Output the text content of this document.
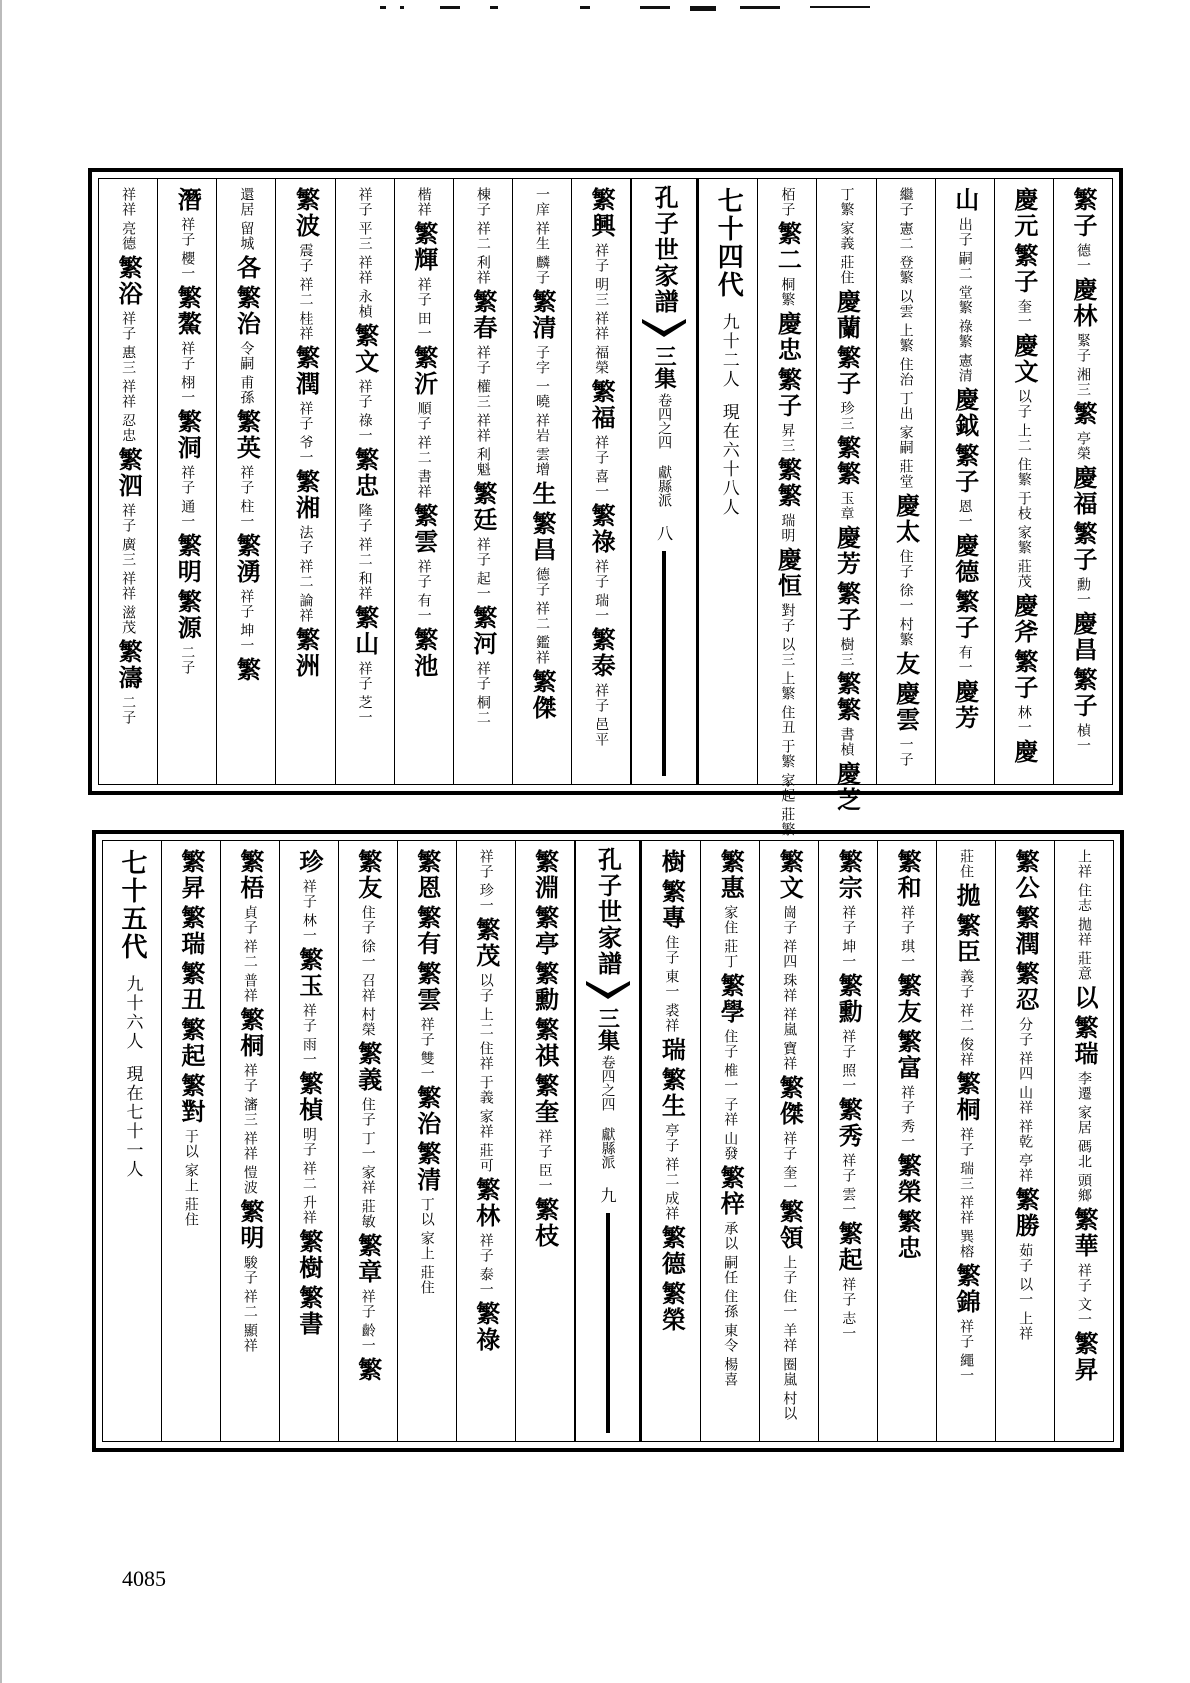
繁子
德一
慶林
緊子
湘三
繁
亭榮
慶福
繁子
勳一
慶昌
繁子
楨一
慶元
繁子
奎一
慶文
以子
上二
住繁
于枝
家繁
莊茂
慶斧
繁子
林一
慶
山
出子
嗣二
堂繁
祿繁
憲清
慶鉞
繁子
恩一
慶德
繁子
有一
慶芳
繼子
憲二
登繁
以雲
上繁
住治
丁出
家嗣
莊堂
慶太
住子
徐一
村繁
友
慶雲
一子
丁繁
家義
莊住
慶蘭
繁子
珍三
繁繁
玉章
慶芳
繁子
樹三
繁繁
書楨
慶芝
栢子
繁二
桐繁
慶忠
繁子
昇三
繁繁
瑞明
慶恒
對子
以三
上繁
住丑
于繁
家起
莊繁
七十四代
九十二人
現在六十八人
孔子世家譜
三集
卷四之四 獻縣派
八
繁興
祥子
明三
祥祥
福榮
繁福
祥子
喜一
繁祿
祥子
瑞一
繁泰
祥子
邑平
一庠
祥生
麟子
繁清
子字
一曉
祥岩
雲增
生
繁昌
德子
祥二
鑑祥
繁傑
棟子
祥二
利祥
繁春
祥子
權三
祥祥
利魁
繁廷
祥子
起一
繁河
祥子
桐二
楷祥
繁輝
祥子
田一
繁沂
順子
祥二
書祥
繁雲
祥子
有一
繁池
祥子
平三
祥祥
永楨
繁文
祥子
祿一
繁忠
隆子
祥二
和祥
繁山
祥子
芝一
繁波
震子
祥二
桂祥
繁潤
祥子
爷一
繁湘
法子
祥二
論祥
繁洲
還居
留城
各
繁治
令嗣
甫孫
繁英
祥子
柱一
繁湧
祥子
坤一
繁
潛
祥子
櫻一
繁鰲
祥子
栩一
繁洞
祥子
通一
繁明
繁源
二子
祥祥
亮德
繁浴
祥子
惠三
祥祥
忍忠
繁泗
祥子
廣三
祥祥
滋茂
繁濤
二子
上祥
住志
拋祥
莊意
以
繁瑞
李遷
家居
碼北
頭鄉
繁華
祥子
文一
繁昇
繁公
繁潤
繁忍
分子
祥四
山祥
祥乾
亭祥
繁勝
茹子
以一
上祥
莊住
拋
繁臣
義子
祥二
俊祥
繁桐
祥子
瑞三
祥祥
巽榕
繁錦
祥子
繩一
繁和
祥子
琪一
繁友
繁富
祥子
秀一
繁榮
繁忠
繁宗
祥子
坤一
繁勳
祥子
照一
繁秀
祥子
雲一
繁起
祥子
志一
繁文
崗子
祥四
珠祥
祥嵐
寶祥
繁傑
祥子
奎一
繁領
上子
住一
羊祥
圈嵐
村以
繁惠
家住
莊丁
繁學
住子
椎一
子祥
山發
繁梓
承以
嗣任
住孫
東令
楊喜
樹
繁專
住子
東一
裘祥
瑞
繁生
亭子
祥二
成祥
繁德
繁榮
孔子世家譜
三集
卷四之四 獻縣派
九
繁淵
繁亭
繁勳
繁祺
繁奎
祥子
臣一
繁枝
祥子
珍一
繁茂
以子
上二
住祥
于義
家祥
莊可
繁林
祥子
泰一
繁祿
繁恩
繁有
繁雲
祥子
雙一
繁治
繁清
丁以
家上
莊住
繁友
住子
徐一
召祥
村榮
繁義
住子
丁一
家祥
莊敏
繁章
祥子
齡一
繁
珍
祥子
林一
繁玉
祥子
雨一
繁楨
明子
祥二
升祥
繁樹
繁書
繁梧
貞子
祥二
普祥
繁桐
祥子
瀋三
祥祥
愷波
繁明
駿子
祥二
顯祥
繁昇
繁瑞
繁丑
繁起
繁對
于以
家上
莊住
七十五代
九十六人
現在七十一人
4085
